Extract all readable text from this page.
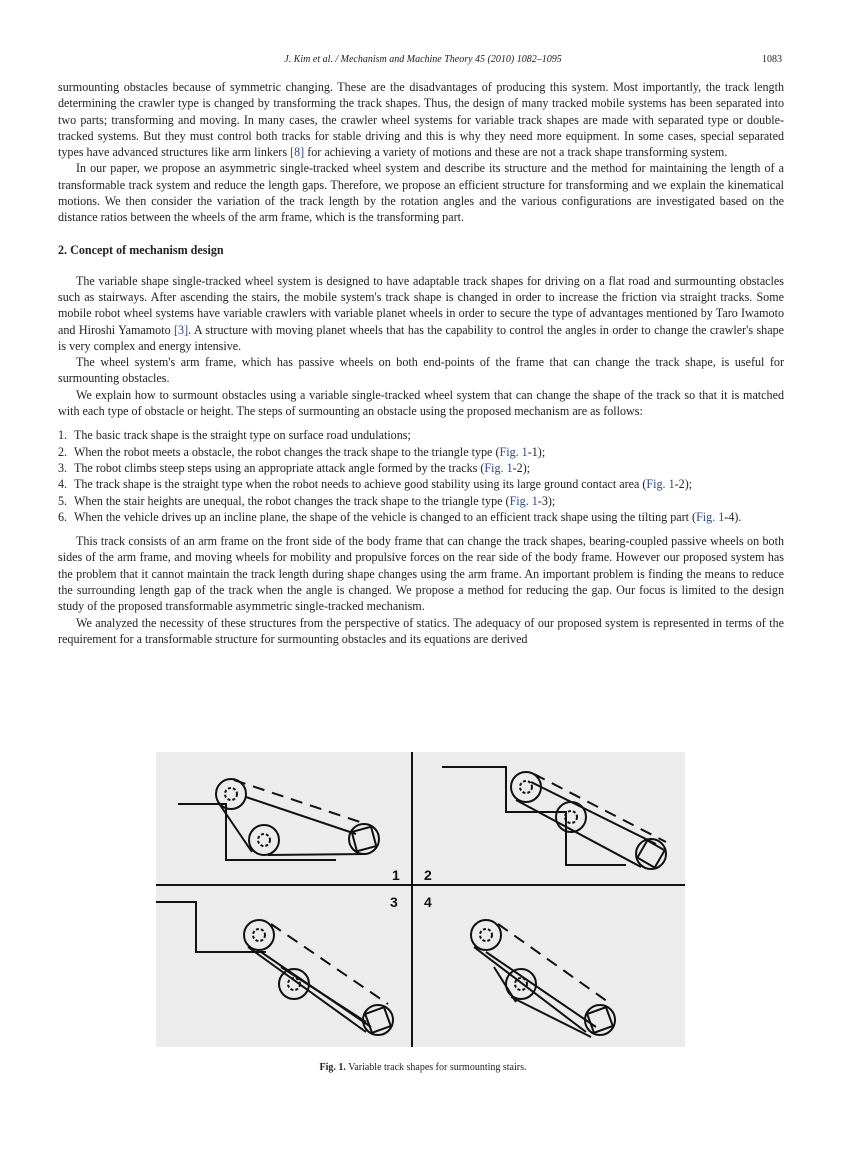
J. Kim et al. / Mechanism and Machine Theory 45 (2010) 1082–1095	1083

surmounting obstacles because of symmetric changing. These are the disadvantages of producing this system. Most importantly, the track length determining the crawler type is changed by transforming the track shapes. Thus, the design of many tracked mobile systems has been separated into two parts; transforming and moving. In many cases, the crawler wheel systems for variable track shapes are made with separated type or double-tracked systems. But they must control both tracks for stable driving and this is why they need more equipment. In some cases, special separated types have advanced structures like arm linkers [8] for achieving a variety of motions and these are not a track shape transforming system.

In our paper, we propose an asymmetric single-tracked wheel system and describe its structure and the method for maintaining the length of a transformable track system and reduce the length gaps. Therefore, we propose an efficient structure for transforming and we explain the kinematical motions. We then consider the variation of the track length by the rotation angles and the various configurations are investigated based on the distance ratios between the wheels of the arm frame, which is the transforming part.

2. Concept of mechanism design

The variable shape single-tracked wheel system is designed to have adaptable track shapes for driving on a flat road and surmounting obstacles such as stairways. After ascending the stairs, the mobile system's track shape is changed in order to increase the friction via straight tracks. Some mobile robot wheel systems have variable crawlers with variable planet wheels in order to secure the type of advantages mentioned by Taro Iwamoto and Hiroshi Yamamoto [3]. A structure with moving planet wheels that has the capability to control the angles in order to change the crawler's shape is very complex and energy intensive.

The wheel system's arm frame, which has passive wheels on both end-points of the frame that can change the track shape, is useful for surmounting obstacles.

We explain how to surmount obstacles using a variable single-tracked wheel system that can change the shape of the track so that it is matched with each type of obstacle or height. The steps of surmounting an obstacle using the proposed mechanism are as follows:

1. The basic track shape is the straight type on surface road undulations;
2. When the robot meets a obstacle, the robot changes the track shape to the triangle type (Fig. 1-1);
3. The robot climbs steep steps using an appropriate attack angle formed by the tracks (Fig. 1-2);
4. The track shape is the straight type when the robot needs to achieve good stability using its large ground contact area (Fig. 1-2);
5. When the stair heights are unequal, the robot changes the track shape to the triangle type (Fig. 1-3);
6. When the vehicle drives up an incline plane, the shape of the vehicle is changed to an efficient track shape using the tilting part (Fig. 1-4).

This track consists of an arm frame on the front side of the body frame that can change the track shapes, bearing-coupled passive wheels on both sides of the arm frame, and moving wheels for mobility and propulsive forces on the rear side of the body frame. However our proposed system has the problem that it cannot maintain the track length during shape changes using the arm frame. An important problem is finding the means to reduce the surrounding length gap of the track when the angle is changed. We propose a method for reducing the gap. Our focus is limited to the design study of the proposed transformable asymmetric single-tracked mechanism.

We analyzed the necessity of these structures from the perspective of statics. The adequacy of our proposed system is represented in terms of the requirement for a transformable structure for surmounting obstacles and its equations are derived

1 2
3 4
Fig. 1. Variable track shapes for surmounting stairs.
